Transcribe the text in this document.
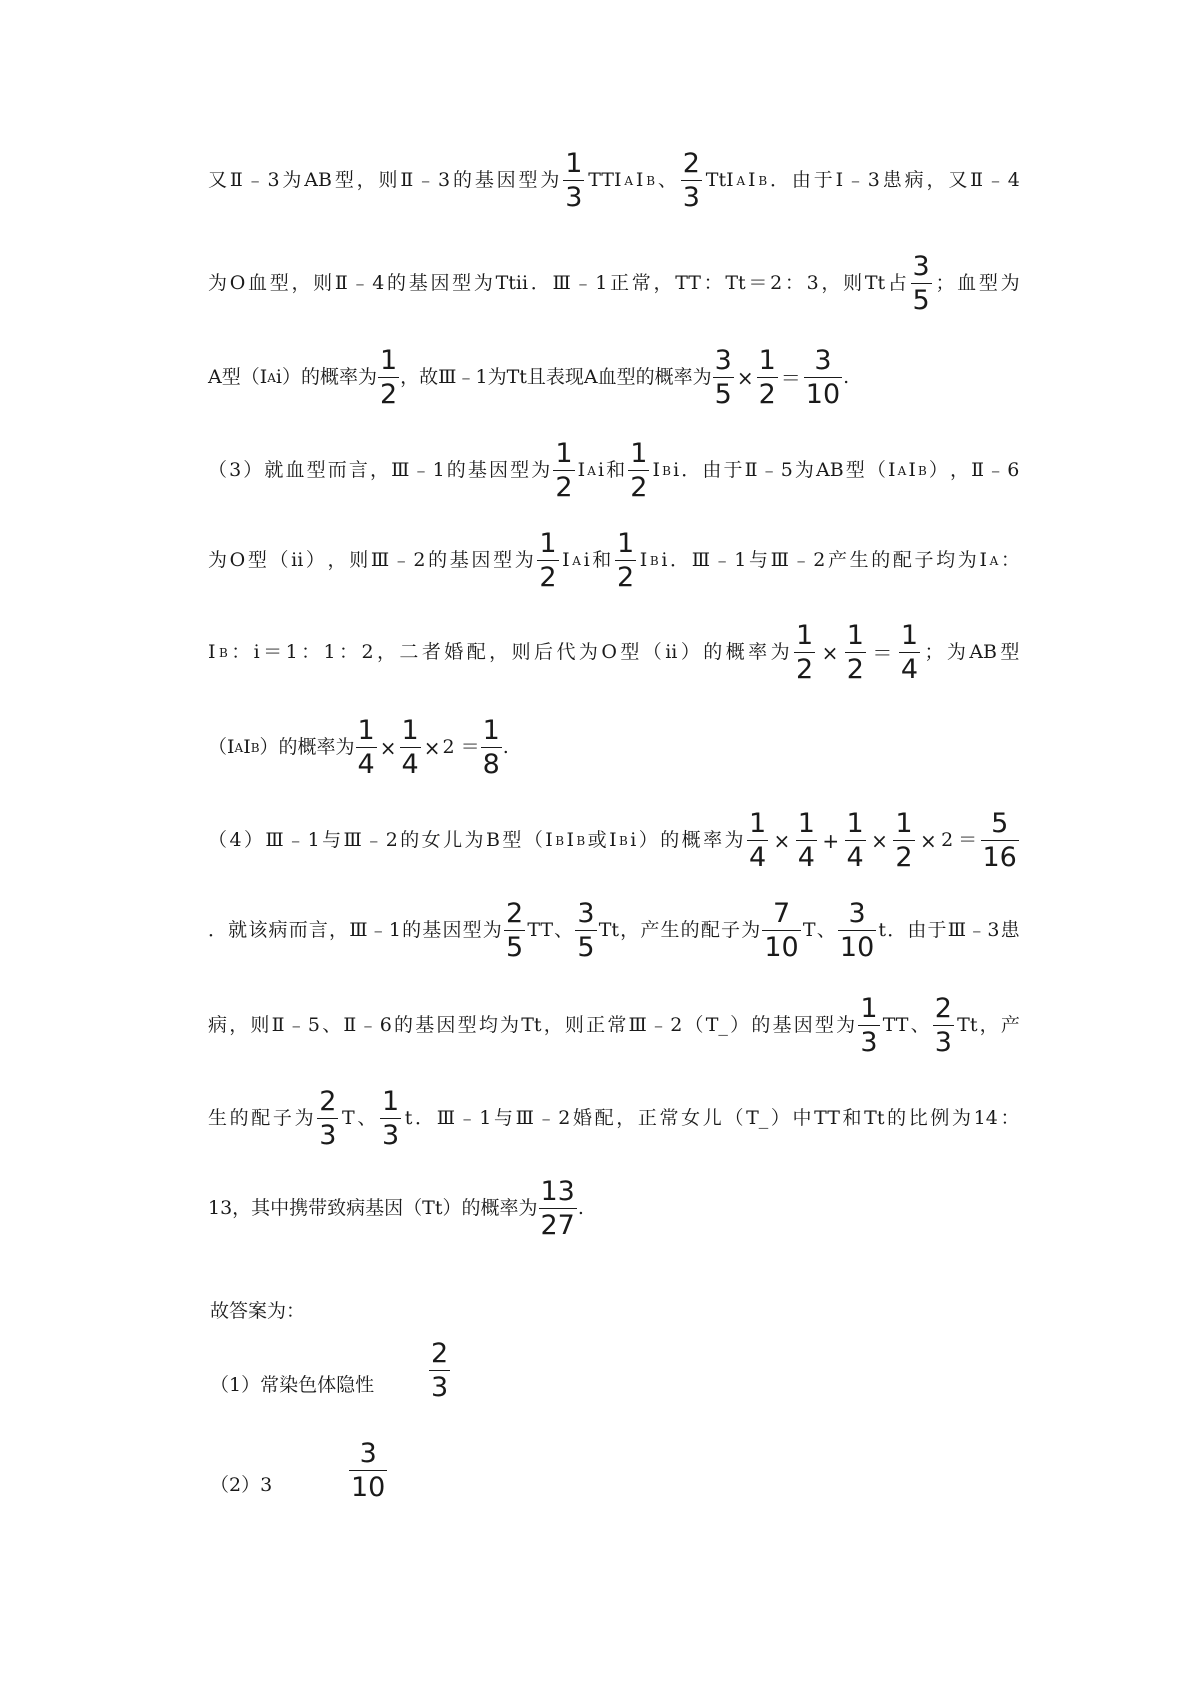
又 Ⅱ ﹣ 3 为 AB 型 ， 则 Ⅱ ﹣ 3 的 基 因 型 为 $\frac{1}{3}$ TTI A I B 、 $\frac{2}{3}$ TtI A I B ． 由 于 Ⅰ ﹣ 3 患 病 ， 又 Ⅱ ﹣ 4
为 O 血 型 ， 则 Ⅱ ﹣ 4 的 基 因 型 为 Ttii ． Ⅲ ﹣ 1 正 常 ， TT ： Tt ＝ 2 ： 3 ， 则 Tt 占 $\frac{3}{5}$ ； 血 型 为
A型（I A i）的概率为 $\frac{1}{2}$ ，故Ⅲ﹣1为Tt且表现A血型的概率为 $\frac{3}{5} \times \frac{1}{2} = \frac{3}{10}$ .
（ 3 ） 就 血 型 而 言 ， Ⅲ ﹣ 1 的 基 因 型 为 $\frac{1}{2}$ I A i 和 $\frac{1}{2}$ I B i ． 由 于 Ⅱ ﹣ 5 为 AB 型 （ I A I B ） ， Ⅱ ﹣ 6
为 O 型 （ ii ） ， 则 Ⅲ ﹣ 2 的 基 因 型 为 $\frac{1}{2}$ I A i 和 $\frac{1}{2}$ I B i ． Ⅲ ﹣ 1 与 Ⅲ ﹣ 2 产 生 的 配 子 均 为 I A ：
I B ： i ＝ 1 ： 1 ： 2 ， 二 者 婚 配 ， 则 后 代 为 O 型 （ ii ） 的 概 率 为 $\frac{1}{2} \times \frac{1}{2} = \frac{1}{4}$ ； 为 AB 型
（I A I B ）的概率为 $\frac{1}{4} \times \frac{1}{4} \times 2 = \frac{1}{8}$ .
（ 4 ） Ⅲ ﹣ 1 与 Ⅲ ﹣ 2 的 女 儿 为 B 型 （ I B I B 或 I B i ） 的 概 率 为 $\frac{1}{4} \times \frac{1}{4} + \frac{1}{4} \times \frac{1}{2} \times 2 = \frac{5}{16}$
． 就 该 病 而 言 ， Ⅲ ﹣ 1 的 基 因 型 为 $\frac{2}{5}$ TT 、 $\frac{3}{5}$ Tt ， 产 生 的 配 子 为 $\frac{7}{10}$ T 、 $\frac{3}{10}$ t ． 由 于 Ⅲ ﹣ 3 患
病 ， 则 Ⅱ ﹣ 5 、 Ⅱ ﹣ 6 的 基 因 型 均 为 Tt ， 则 正 常 Ⅲ ﹣ 2 （ T_ ） 的 基 因 型 为 $\frac{1}{3}$ TT 、 $\frac{2}{3}$ Tt ， 产
生 的 配 子 为 $\frac{2}{3}$ T 、 $\frac{1}{3}$ t ． Ⅲ ﹣ 1 与 Ⅲ ﹣ 2 婚 配 ， 正 常 女 儿 （ T_ ） 中 TT 和 Tt 的 比 例 为 14 ：
13，其中携带致病基因（Tt）的概率为 $\frac{13}{27}$ .
故答案为：
（1）常染色体隐性 $\frac{2}{3}$
（2）3	$\frac{3}{10}$
